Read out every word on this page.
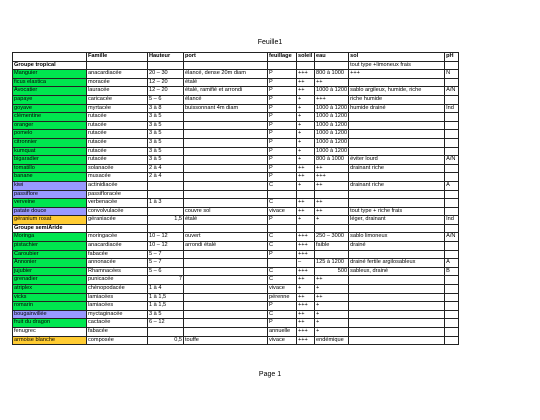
Feuille1
	Famille	Hauteur	port	feuillage	soleil	eau	sol	pH
Groupe tropical							tout type +limoneux frais	
Manguier	anacardiacée	20 – 30	élancé, dense 20m diam	P	+++	800 à 1000	+++	N
ficus elastica	moracée	12 – 20	étalé	P	++	++		
Avocatier	lauracée	12 – 20	étalé, ramifié et arrondi	P	++	1000 à 1200	sablo argileux, humide, riche	A/N
papaye	caricacée	5 – 6	élancé	P	+	+++	riche humide	
goyave	myrtacée	3 à 8	buissonnant 4m diam	P	+	1000 à 1200	humide drainé	Ind
clémentine	rutacée	3 à 5		P	+	1000 à 1200		
oranger	rutacée	3 à 5		P	+	1000 à 1200		
pomelo	rutacée	3 à 5		P	+	1000 à 1200		
citronnier	rutacée	3 à 5		P	+	1000 à 1200		
kumquat	rutacée	3 à 5		P	+	1000 à 1200		
bigaradier	rutacée	3 à 5		P	+	800 à 1000	éviter lourd	A/N
tomatillo	solanacée	2 à 4		P	++	++	drainant riche	
banane	musacée	2 à 4		P	++	+++		
kiwi	actinidiacée			C	+	++	drainant riche	A
passiflore	passifloracée							
verveine	verbenacée	1 à 3		C	++	++		
patate douce	convolvulacée		couvre sol	vivace	++	++	tout type + riche frais	
géranium rosat	géraniacée	1,5	étalé	P	+	+	léger, drainant	Ind
Groupe semiAride								
Moringa	moringacée	10 – 12	ouvert	C	+++	250 – 3000	sablo limoneux	A/N
pistachier	anacardiacée	10 – 12	arrondi étalé	C	+++	faible	drainé	
Caroubier	fabacée	5 – 7		P	+++			
Annonier	annonacée	5 – 7			–	125 à 1200	drainé fertile argilosableux	A
jujubier	Rhamnacées	5 – 6		C	+++	500	sableux, drainé	B
grenadier	punicacée	7		C	++	++		
atriplex	chénopodacée	1 à 4		vivace	+	+		
vicks	lamiacées	1 à 1,5		pérenne	++	++		
romarin	lamiacées	1 à 1,5		P	+++	+		
bougainvillée	myctaginacée	3 à 5		C	++	+		
fruit du dragon	cactacée	6 – 12		P	++	+		
fenugrec	fabacée			annuelle	+++	+		
armoise blanche	composée	0,5	touffe	vivace	+++	endémique		
Page 1
